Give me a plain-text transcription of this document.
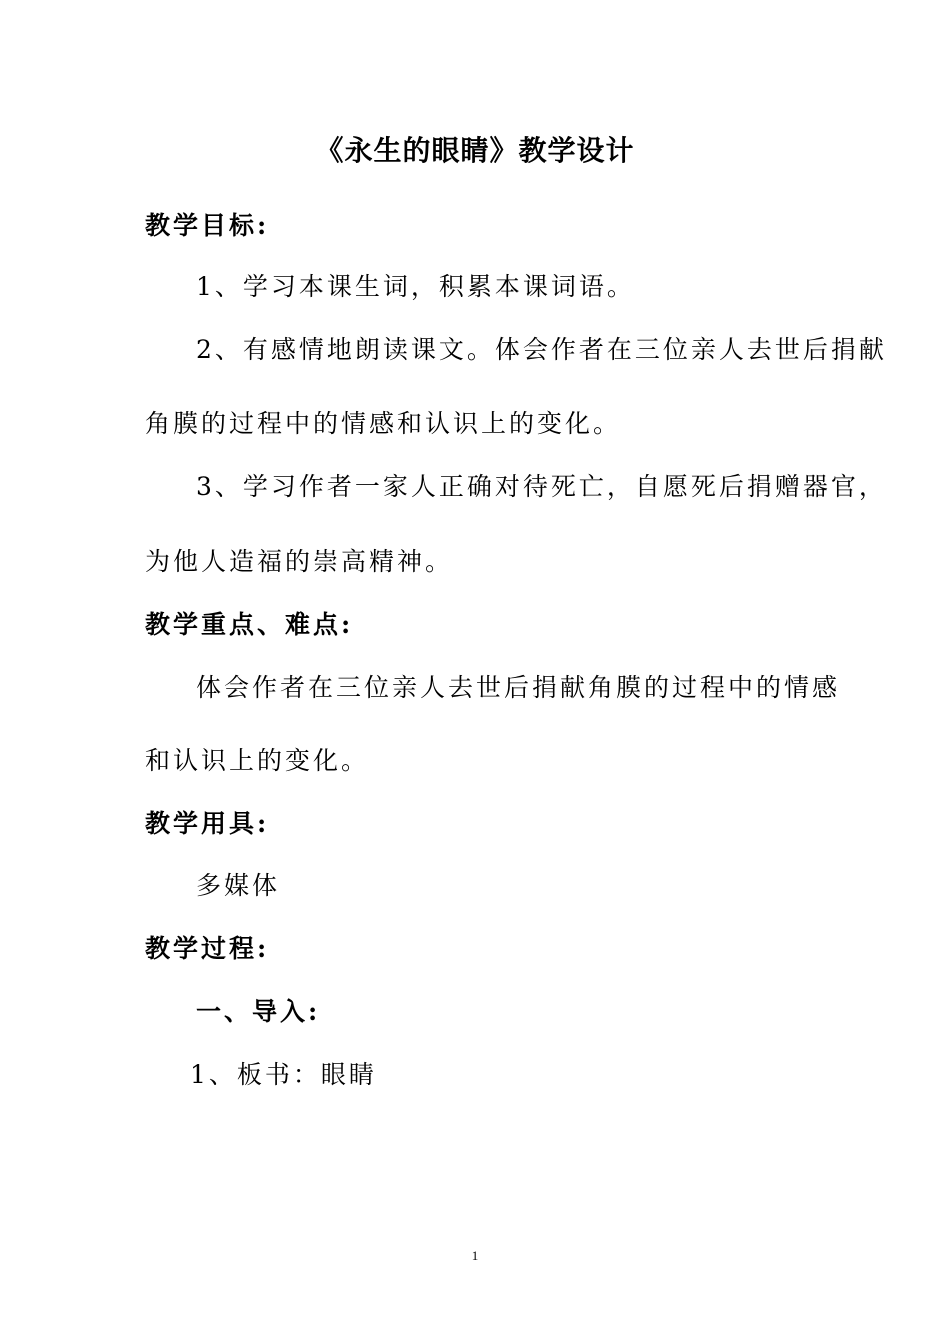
《永生的眼睛》教学设计
教学目标:
1、学习本课生词，积累本课词语。
2、有感情地朗读课文。体会作者在三位亲人去世后捐献
角膜的过程中的情感和认识上的变化。
3、学习作者一家人正确对待死亡，自愿死后捐赠器官，
为他人造福的崇高精神。
教学重点、难点:
体会作者在三位亲人去世后捐献角膜的过程中的情感
和认识上的变化。
教学用具:
多媒体
教学过程:
一、导入:
1、板书：眼睛
1
